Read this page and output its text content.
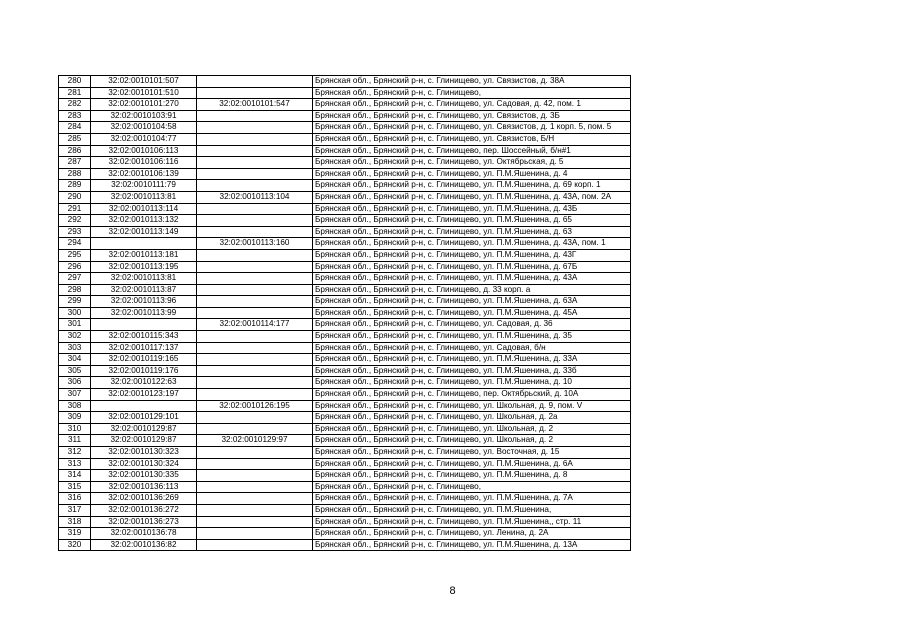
280	32:02:0010101:507		Брянская обл., Брянский р-н, с. Глинищево, ул. Связистов, д. 38А
281	32:02:0010101:510		Брянская обл., Брянский р-н, с. Глинищево,
282	32:02:0010101:270	32:02:0010101:547	Брянская обл., Брянский р-н, с. Глинищево, ул. Садовая, д. 42, пом. 1
283	32:02:0010103:91		Брянская обл., Брянский р-н, с. Глинищево, ул. Связистов, д. 3Б
284	32:02:0010104:58		Брянская обл., Брянский р-н, с. Глинищево, ул. Связистов, д. 1 корп. 5, пом. 5
285	32:02:0010104:77		Брянская обл., Брянский р-н, с. Глинищево, ул. Связистов, Б/Н
286	32:02:0010106:113		Брянская обл., Брянский р-н, с. Глинищево, пер. Шоссейный, б/н#1
287	32:02:0010106:116		Брянская обл., Брянский р-н, с. Глинищево, ул. Октябрьская, д. 5
288	32:02:0010106:139		Брянская обл., Брянский р-н, с. Глинищево, ул. П.М.Яшенина, д. 4
289	32:02:0010111:79		Брянская обл., Брянский р-н, с. Глинищево, ул. П.М.Яшенина, д. 69 корп. 1
290	32:02:0010113:81	32:02:0010113:104	Брянская обл., Брянский р-н, с. Глинищево, ул. П.М.Яшенина, д. 43А, пом. 2А
291	32:02:0010113:114		Брянская обл., Брянский р-н, с. Глинищево, ул. П.М.Яшенина, д. 43Б
292	32:02:0010113:132		Брянская обл., Брянский р-н, с. Глинищево, ул. П.М.Яшенина, д. 65
293	32:02:0010113:149		Брянская обл., Брянский р-н, с. Глинищево, ул. П.М.Яшенина, д. 63
294		32:02:0010113:160	Брянская обл., Брянский р-н, с. Глинищево, ул. П.М.Яшенина, д. 43А, пом. 1
295	32:02:0010113:181		Брянская обл., Брянский р-н, с. Глинищево, ул. П.М.Яшенина, д. 43Г
296	32:02:0010113:195		Брянская обл., Брянский р-н, с. Глинищево, ул. П.М.Яшенина, д. 67Б
297	32:02:0010113:81		Брянская обл., Брянский р-н, с. Глинищево, ул. П.М.Яшенина, д. 43А
298	32:02:0010113:87		Брянская обл., Брянский р-н, с. Глинищево, д. 33 корп. а
299	32:02:0010113:96		Брянская обл., Брянский р-н, с. Глинищево, ул. П.М.Яшенина, д. 63А
300	32:02:0010113:99		Брянская обл., Брянский р-н, с. Глинищево, ул. П.М.Яшенина, д. 45А
301		32:02:0010114:177	Брянская обл., Брянский р-н, с. Глинищево, ул. Садовая, д. 36
302	32:02:0010115:343		Брянская обл., Брянский р-н, с. Глинищево, ул. П.М.Яшенина, д. 35
303	32:02:0010117:137		Брянская обл., Брянский р-н, с. Глинищево, ул. Садовая, б/н
304	32:02:0010119:165		Брянская обл., Брянский р-н, с. Глинищево, ул. П.М.Яшенина, д. 33А
305	32:02:0010119:176		Брянская обл., Брянский р-н, с. Глинищево, ул. П.М.Яшенина, д. 33б
306	32:02:0010122:63		Брянская обл., Брянский р-н, с. Глинищево, ул. П.М.Яшенина, д. 10
307	32:02:0010123:197		Брянская обл., Брянский р-н, с. Глинищево, пер. Октябрьский, д. 10А
308		32:02:0010126:195	Брянская обл., Брянский р-н, с. Глинищево, ул. Школьная, д. 9, пом. V
309	32:02:0010129:101		Брянская обл., Брянский р-н, с. Глинищево, ул. Школьная, д. 2а
310	32:02:0010129:87		Брянская обл., Брянский р-н, с. Глинищево, ул. Школьная, д. 2
311	32:02:0010129:87	32:02:0010129:97	Брянская обл., Брянский р-н, с. Глинищево, ул. Школьная, д. 2
312	32:02:0010130:323		Брянская обл., Брянский р-н, с. Глинищево, ул. Восточная, д. 15
313	32:02:0010130:324		Брянская обл., Брянский р-н, с. Глинищево, ул. П.М.Яшенина, д. 6А
314	32:02:0010130:335		Брянская обл., Брянский р-н, с. Глинищево, ул. П.М.Яшенина, д. 8
315	32:02:0010136:113		Брянская обл., Брянский р-н, с. Глинищево,
316	32:02:0010136:269		Брянская обл., Брянский р-н, с. Глинищево, ул. П.М.Яшенина, д. 7А
317	32:02:0010136:272		Брянская обл., Брянский р-н, с. Глинищево, ул. П.М.Яшенина,
318	32:02:0010136:273		Брянская обл., Брянский р-н, с. Глинищево, ул. П.М.Яшенина,, стр. 11
319	32:02:0010136:78		Брянская обл., Брянский р-н, с. Глинищево, ул. Ленина, д. 2А
320	32:02:0010136:82		Брянская обл., Брянский р-н, с. Глинищево, ул. П.М.Яшенина, д. 13А
8
